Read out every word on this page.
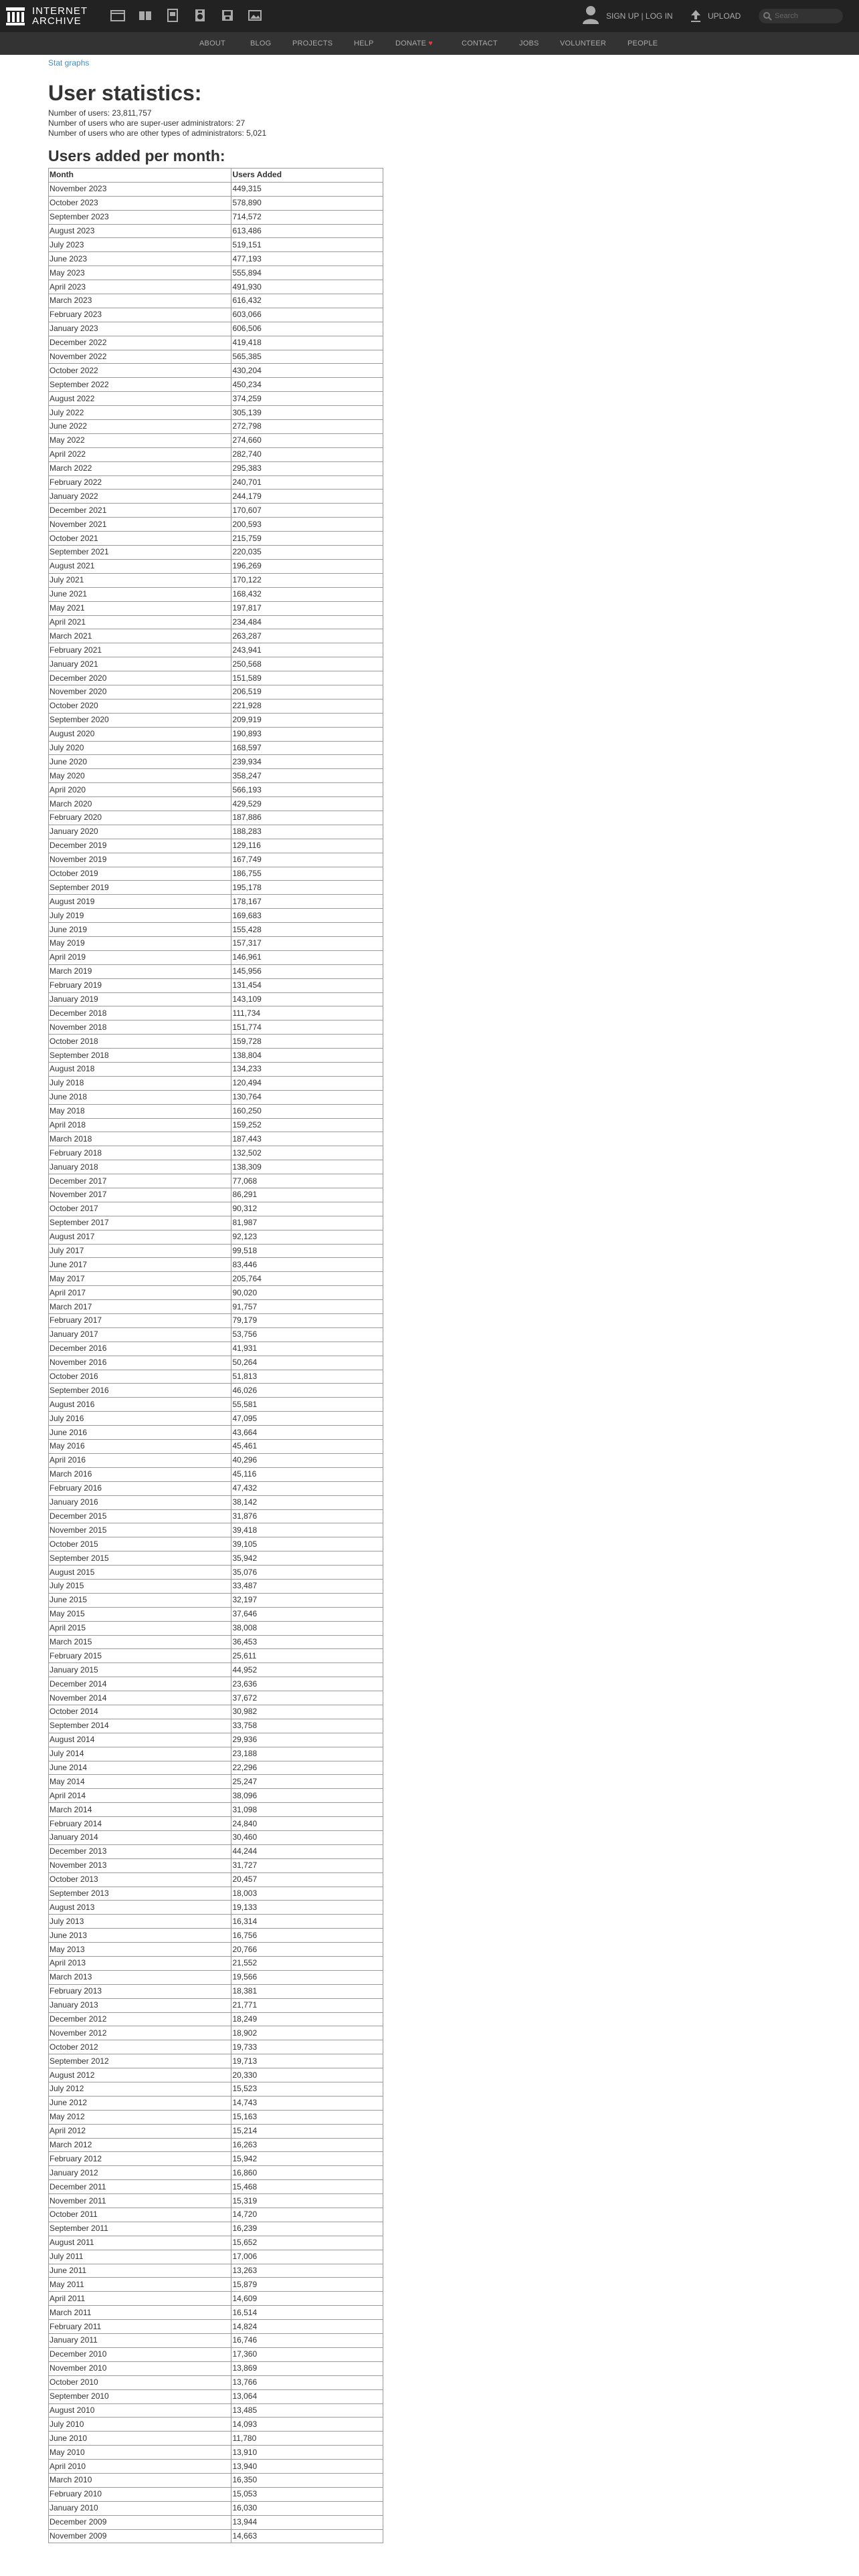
INTERNET
ARCHIVE	SIGN UP | LOG IN	UPLOAD
Search
ABOUT	BLOG	PROJECTS	HELP	DONATE ♥	CONTACT	JOBS	VOLUNTEER	PEOPLE
Stat graphs
User statistics:
Number of users: 23,811,757
Number of users who are super-user administrators: 27
Number of users who are other types of administrators: 5,021
Users added per month:
Month	Users Added
November 2023	449,315
October 2023	578,890
September 2023	714,572
August 2023	613,486
July 2023	519,151
June 2023	477,193
May 2023	555,894
April 2023	491,930
March 2023	616,432
February 2023	603,066
January 2023	606,506
December 2022	419,418
November 2022	565,385
October 2022	430,204
September 2022	450,234
August 2022	374,259
July 2022	305,139
June 2022	272,798
May 2022	274,660
April 2022	282,740
March 2022	295,383
February 2022	240,701
January 2022	244,179
December 2021	170,607
November 2021	200,593
October 2021	215,759
September 2021	220,035
August 2021	196,269
July 2021	170,122
June 2021	168,432
May 2021	197,817
April 2021	234,484
March 2021	263,287
February 2021	243,941
January 2021	250,568
December 2020	151,589
November 2020	206,519
October 2020	221,928
September 2020	209,919
August 2020	190,893
July 2020	168,597
June 2020	239,934
May 2020	358,247
April 2020	566,193
March 2020	429,529
February 2020	187,886
January 2020	188,283
December 2019	129,116
November 2019	167,749
October 2019	186,755
September 2019	195,178
August 2019	178,167
July 2019	169,683
June 2019	155,428
May 2019	157,317
April 2019	146,961
March 2019	145,956
February 2019	131,454
January 2019	143,109
December 2018	111,734
November 2018	151,774
October 2018	159,728
September 2018	138,804
August 2018	134,233
July 2018	120,494
June 2018	130,764
May 2018	160,250
April 2018	159,252
March 2018	187,443
February 2018	132,502
January 2018	138,309
December 2017	77,068
November 2017	86,291
October 2017	90,312
September 2017	81,987
August 2017	92,123
July 2017	99,518
June 2017	83,446
May 2017	205,764
April 2017	90,020
March 2017	91,757
February 2017	79,179
January 2017	53,756
December 2016	41,931
November 2016	50,264
October 2016	51,813
September 2016	46,026
August 2016	55,581
July 2016	47,095
June 2016	43,664
May 2016	45,461
April 2016	40,296
March 2016	45,116
February 2016	47,432
January 2016	38,142
December 2015	31,876
November 2015	39,418
October 2015	39,105
September 2015	35,942
August 2015	35,076
July 2015	33,487
June 2015	32,197
May 2015	37,646
April 2015	38,008
March 2015	36,453
February 2015	25,611
January 2015	44,952
December 2014	23,636
November 2014	37,672
October 2014	30,982
September 2014	33,758
August 2014	29,936
July 2014	23,188
June 2014	22,296
May 2014	25,247
April 2014	38,096
March 2014	31,098
February 2014	24,840
January 2014	30,460
December 2013	44,244
November 2013	31,727
October 2013	20,457
September 2013	18,003
August 2013	19,133
July 2013	16,314
June 2013	16,756
May 2013	20,766
April 2013	21,552
March 2013	19,566
February 2013	18,381
January 2013	21,771
December 2012	18,249
November 2012	18,902
October 2012	19,733
September 2012	19,713
August 2012	20,330
July 2012	15,523
June 2012	14,743
May 2012	15,163
April 2012	15,214
March 2012	16,263
February 2012	15,942
January 2012	16,860
December 2011	15,468
November 2011	15,319
October 2011	14,720
September 2011	16,239
August 2011	15,652
July 2011	17,006
June 2011	13,263
May 2011	15,879
April 2011	14,609
March 2011	16,514
February 2011	14,824
January 2011	16,746
December 2010	17,360
November 2010	13,869
October 2010	13,766
September 2010	13,064
August 2010	13,485
July 2010	14,093
June 2010	11,780
May 2010	13,910
April 2010	13,940
March 2010	16,350
February 2010	15,053
January 2010	16,030
December 2009	13,944
November 2009	14,663
